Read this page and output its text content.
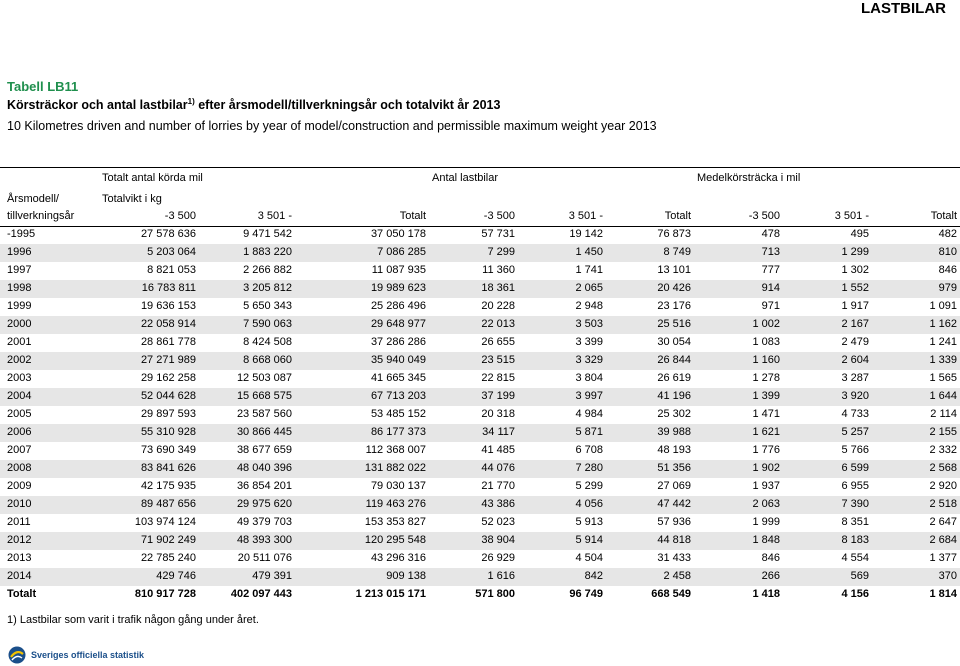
LASTBILAR
Tabell LB11
Körsträckor och antal lastbilar$^{1)}$ efter årsmodell/tillverkningsår och totalvikt år 2013
10 Kilometres driven and number of lorries by year of model/construction and permissible maximum weight year 2013
Totalt antal körda mil	Antal lastbilar	Medelkörsträcka i mil
Årsmodell/	Totalvikt i kg
tillverkningsår	-3 500	3 501 -	Totalt	-3 500	3 501 -	Totalt	-3 500	3 501 -	Totalt
-1995	27 578 636	9 471 542	37 050 178	57 731	19 142	76 873	478	495	482
1996	5 203 064	1 883 220	7 086 285	7 299	1 450	8 749	713	1 299	810
1997	8 821 053	2 266 882	11 087 935	11 360	1 741	13 101	777	1 302	846
1998	16 783 811	3 205 812	19 989 623	18 361	2 065	20 426	914	1 552	979
1999	19 636 153	5 650 343	25 286 496	20 228	2 948	23 176	971	1 917	1 091
2000	22 058 914	7 590 063	29 648 977	22 013	3 503	25 516	1 002	2 167	1 162
2001	28 861 778	8 424 508	37 286 286	26 655	3 399	30 054	1 083	2 479	1 241
2002	27 271 989	8 668 060	35 940 049	23 515	3 329	26 844	1 160	2 604	1 339
2003	29 162 258	12 503 087	41 665 345	22 815	3 804	26 619	1 278	3 287	1 565
2004	52 044 628	15 668 575	67 713 203	37 199	3 997	41 196	1 399	3 920	1 644
2005	29 897 593	23 587 560	53 485 152	20 318	4 984	25 302	1 471	4 733	2 114
2006	55 310 928	30 866 445	86 177 373	34 117	5 871	39 988	1 621	5 257	2 155
2007	73 690 349	38 677 659	112 368 007	41 485	6 708	48 193	1 776	5 766	2 332
2008	83 841 626	48 040 396	131 882 022	44 076	7 280	51 356	1 902	6 599	2 568
2009	42 175 935	36 854 201	79 030 137	21 770	5 299	27 069	1 937	6 955	2 920
2010	89 487 656	29 975 620	119 463 276	43 386	4 056	47 442	2 063	7 390	2 518
2011	103 974 124	49 379 703	153 353 827	52 023	5 913	57 936	1 999	8 351	2 647
2012	71 902 249	48 393 300	120 295 548	38 904	5 914	44 818	1 848	8 183	2 684
2013	22 785 240	20 511 076	43 296 316	26 929	4 504	31 433	846	4 554	1 377
2014	429 746	479 391	909 138	1 616	842	2 458	266	569	370
Totalt	810 917 728	402 097 443	1 213 015 171	571 800	96 749	668 549	1 418	4 156	1 814
1) Lastbilar som varit i trafik någon gång under året.
Sveriges officiella statistik
